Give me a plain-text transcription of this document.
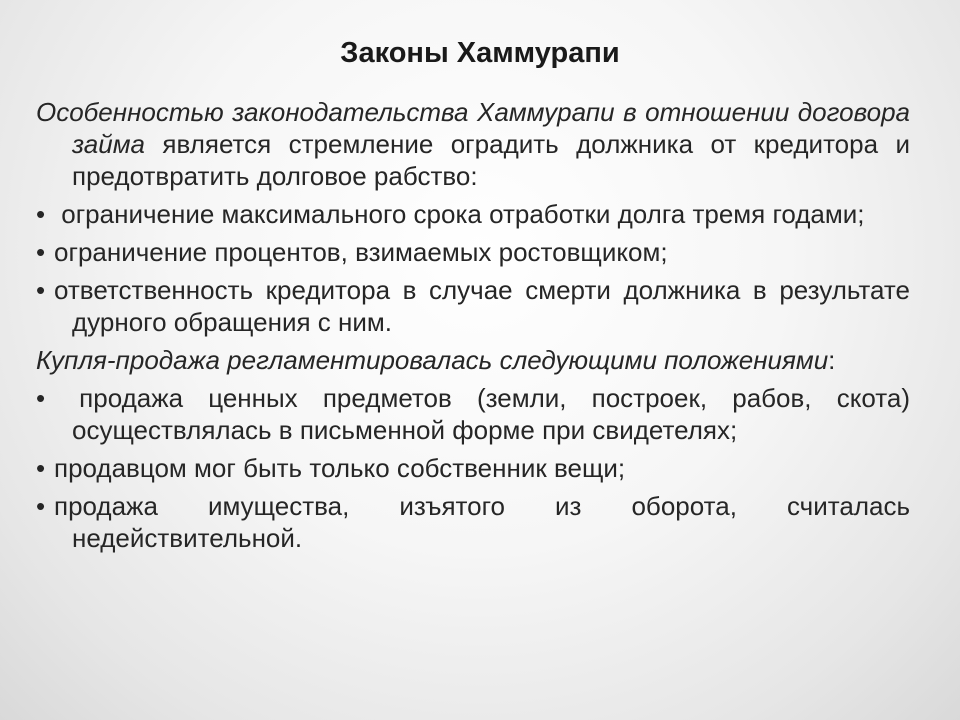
Законы Хаммурапи

Особенностью законодательства Хаммурапи в отношении договора займа является стремление оградить должника от кредитора и предотвратить долговое рабство:

• ограничение максимального срока отработки долга тремя годами;

• ограничение процентов, взимаемых ростовщиком;

• ответственность кредитора в случае смерти должника в результате дурного обращения с ним.

Купля-продажа регламентировалась следующими положениями:

• продажа ценных предметов (земли, построек, рабов, скота) осуществлялась в письменной форме при свидетелях;

• продавцом мог быть только собственник вещи;

• продажа имущества, изъятого из оборота, считалась недействительной.
